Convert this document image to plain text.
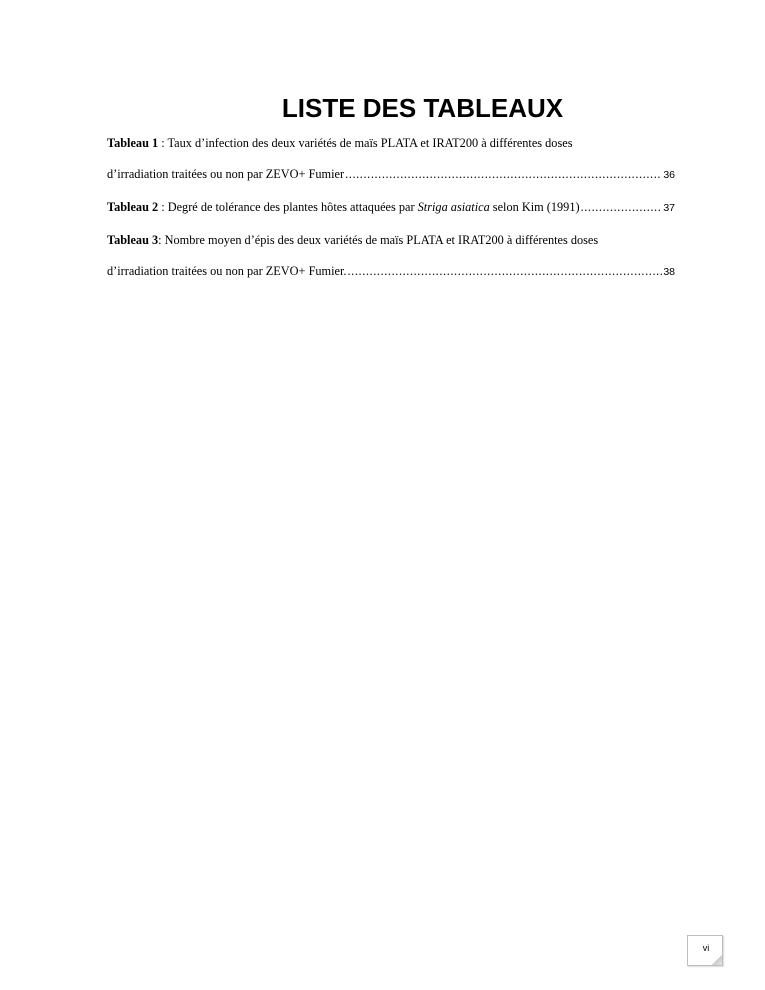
LISTE DES TABLEAUX
Tableau 1 : Taux d’infection des deux variétés de maïs PLATA et IRAT200 à différentes doses
d’irradiation traitées ou non par ZEVO+ Fumier .....	36
Tableau 2 : Degré de tolérance des plantes hôtes attaquées par Striga asiatica selon Kim (1991) .....	37
Tableau 3: Nombre moyen d’épis des deux variétés de maïs PLATA et IRAT200 à différentes doses
d’irradiation traitées ou non par ZEVO+ Fumier. .....	38
vi
